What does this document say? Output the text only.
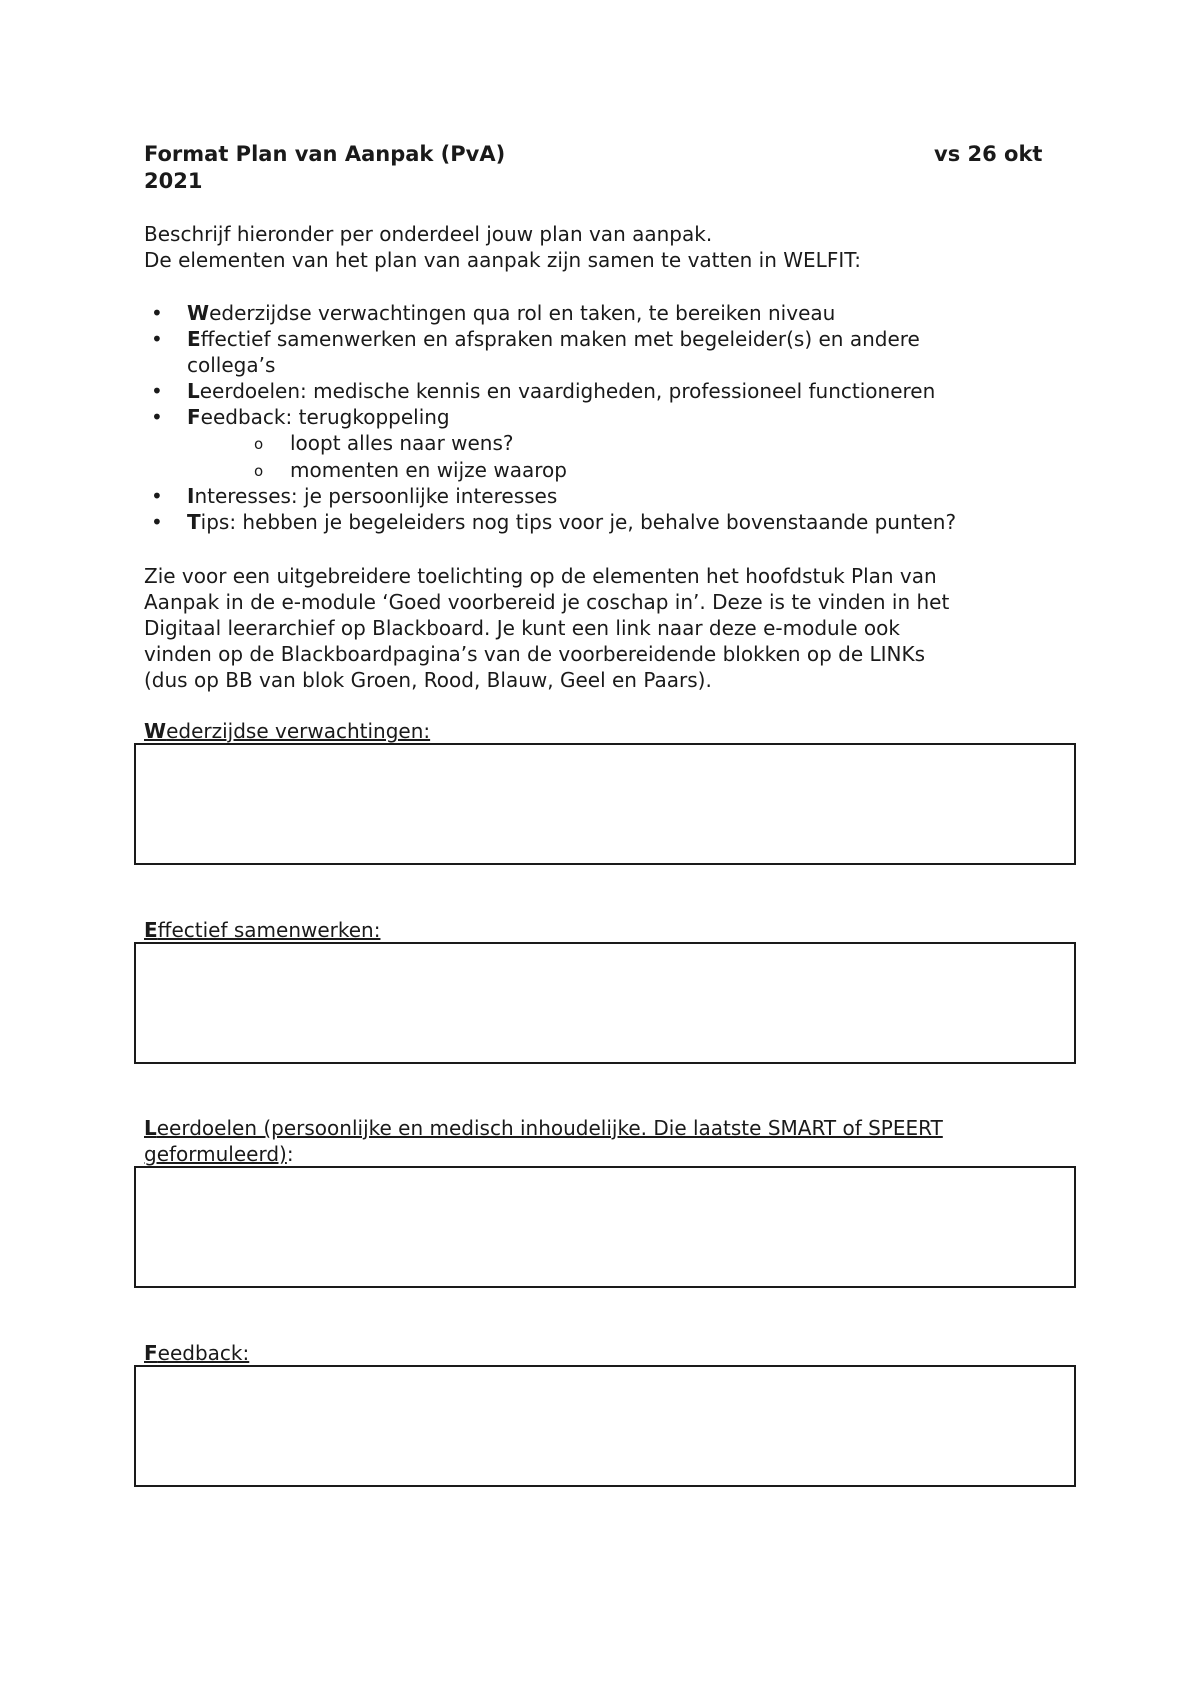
Format Plan van Aanpak (PvA)	vs 26 okt
2021
Beschrijf hieronder per onderdeel jouw plan van aanpak.
De elementen van het plan van aanpak zijn samen te vatten in WELFIT:
• Wederzijdse verwachtingen qua rol en taken, te bereiken niveau
• Effectief samenwerken en afspraken maken met begeleider(s) en andere
collega’s
• Leerdoelen: medische kennis en vaardigheden, professioneel functioneren
• Feedback: terugkoppeling
o loopt alles naar wens?
o momenten en wijze waarop
• Interesses: je persoonlijke interesses
• Tips: hebben je begeleiders nog tips voor je, behalve bovenstaande punten?
Zie voor een uitgebreidere toelichting op de elementen het hoofdstuk Plan van
Aanpak in de e-module ‘Goed voorbereid je coschap in’. Deze is te vinden in het
Digitaal leerarchief op Blackboard. Je kunt een link naar deze e-module ook
vinden op de Blackboardpagina’s van de voorbereidende blokken op de LINKs
(dus op BB van blok Groen, Rood, Blauw, Geel en Paars).
Wederzijdse verwachtingen:
Effectief samenwerken:
Leerdoelen (persoonlijke en medisch inhoudelijke. Die laatste SMART of SPEERT
geformuleerd):
Feedback:
